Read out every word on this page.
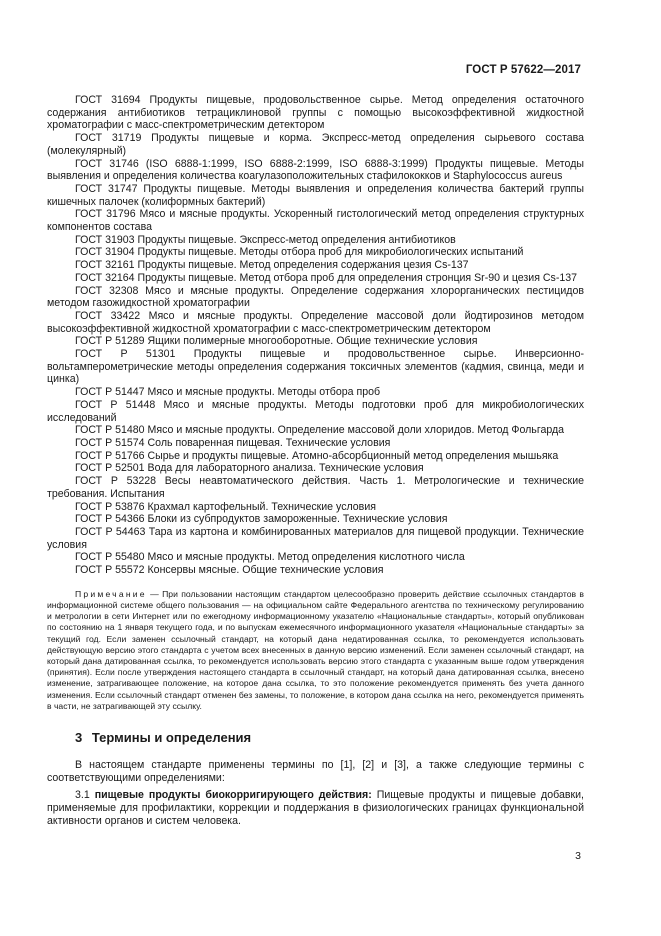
ГОСТ Р 57622—2017

ГОСТ 31694 Продукты пищевые, продовольственное сырье. Метод определения остаточного содержания антибиотиков тетрациклиновой группы с помощью высокоэффективной жидкостной хроматографии с масс-спектрометрическим детектором

ГОСТ 31719 Продукты пищевые и корма. Экспресс-метод определения сырьевого состава (молекулярный)

ГОСТ 31746 (ISO 6888-1:1999, ISO 6888-2:1999, ISO 6888-3:1999) Продукты пищевые. Методы выявления и определения количества коагулазоположительных стафилококков и Staphylococcus aureus

ГОСТ 31747 Продукты пищевые. Методы выявления и определения количества бактерий группы кишечных палочек (колиформных бактерий)

ГОСТ 31796 Мясо и мясные продукты. Ускоренный гистологический метод определения структурных компонентов состава

ГОСТ 31903 Продукты пищевые. Экспресс-метод определения антибиотиков

ГОСТ 31904 Продукты пищевые. Методы отбора проб для микробиологических испытаний

ГОСТ 32161 Продукты пищевые. Метод определения содержания цезия Cs-137

ГОСТ 32164 Продукты пищевые. Метод отбора проб для определения стронция Sr-90 и цезия Cs-137

ГОСТ 32308 Мясо и мясные продукты. Определение содержания хлорорганических пестицидов методом газожидкостной хроматографии

ГОСТ 33422 Мясо и мясные продукты. Определение массовой доли йодтирозинов методом высокоэффективной жидкостной хроматографии с масс-спектрометрическим детектором

ГОСТ Р 51289 Ящики полимерные многооборотные. Общие технические условия

ГОСТ Р 51301 Продукты пищевые и продовольственное сырье. Инверсионно-вольтамперометрические методы определения содержания токсичных элементов (кадмия, свинца, меди и цинка)

ГОСТ Р 51447 Мясо и мясные продукты. Методы отбора проб

ГОСТ Р 51448 Мясо и мясные продукты. Методы подготовки проб для микробиологических исследований

ГОСТ Р 51480 Мясо и мясные продукты. Определение массовой доли хлоридов. Метод Фольгарда

ГОСТ Р 51574 Соль поваренная пищевая. Технические условия

ГОСТ Р 51766 Сырье и продукты пищевые. Атомно-абсорбционный метод определения мышьяка

ГОСТ Р 52501 Вода для лабораторного анализа. Технические условия

ГОСТ Р 53228 Весы неавтоматического действия. Часть 1. Метрологические и технические требования. Испытания

ГОСТ Р 53876 Крахмал картофельный. Технические условия

ГОСТ Р 54366 Блоки из субпродуктов замороженные. Технические условия

ГОСТ Р 54463 Тара из картона и комбинированных материалов для пищевой продукции. Технические условия

ГОСТ Р 55480 Мясо и мясные продукты. Метод определения кислотного числа

ГОСТ Р 55572 Консервы мясные. Общие технические условия

Примечание — При пользовании настоящим стандартом целесообразно проверить действие ссылочных стандартов в информационной системе общего пользования — на официальном сайте Федерального агентства по техническому регулированию и метрологии в сети Интернет или по ежегодному информационному указателю «Национальные стандарты», который опубликован по состоянию на 1 января текущего года, и по выпускам ежемесячного информационного указателя «Национальные стандарты» за текущий год. Если заменен ссылочный стандарт, на который дана недатированная ссылка, то рекомендуется использовать действующую версию этого стандарта с учетом всех внесенных в данную версию изменений. Если заменен ссылочный стандарт, на который дана датированная ссылка, то рекомендуется использовать версию этого стандарта с указанным выше годом утверждения (принятия). Если после утверждения настоящего стандарта в ссылочный стандарт, на который дана датированная ссылка, внесено изменение, затрагивающее положение, на которое дана ссылка, то это положение рекомендуется применять без учета данного изменения. Если ссылочный стандарт отменен без замены, то положение, в котором дана ссылка на него, рекомендуется применять в части, не затрагивающей эту ссылку.

3 Термины и определения

В настоящем стандарте применены термины по [1], [2] и [3], а также следующие термины с соответствующими определениями:

3.1 пищевые продукты биокорригирующего действия: Пищевые продукты и пищевые добавки, применяемые для профилактики, коррекции и поддержания в физиологических границах функциональной активности органов и систем человека.

3
